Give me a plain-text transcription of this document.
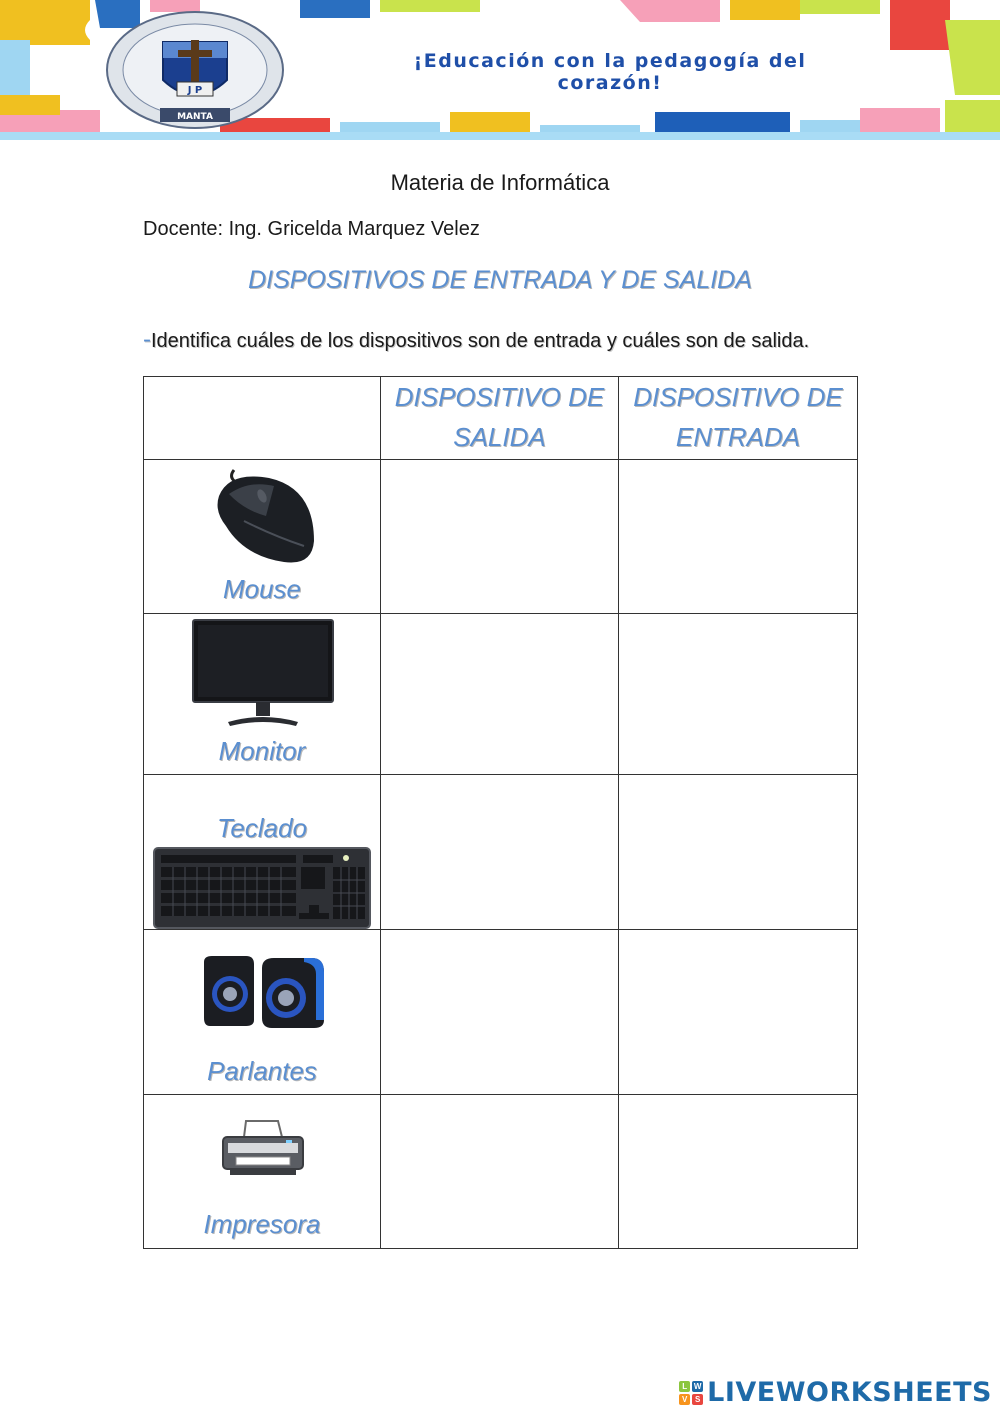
J P
MANTA
¡Educación con la pedagogía del
corazón!
Materia de Informática
Docente: Ing. Gricelda Marquez Velez
DISPOSITIVOS DE ENTRADA Y DE SALIDA
-Identifica cuáles de los dispositivos son de entrada y cuáles son de salida.
	DISPOSITIVO DE SALIDA	DISPOSITIVO DE ENTRADA

Mouse		

Monitor		

Teclado		

Parlantes		

Impresora		

L W
V S LIVEWORKSHEETS
